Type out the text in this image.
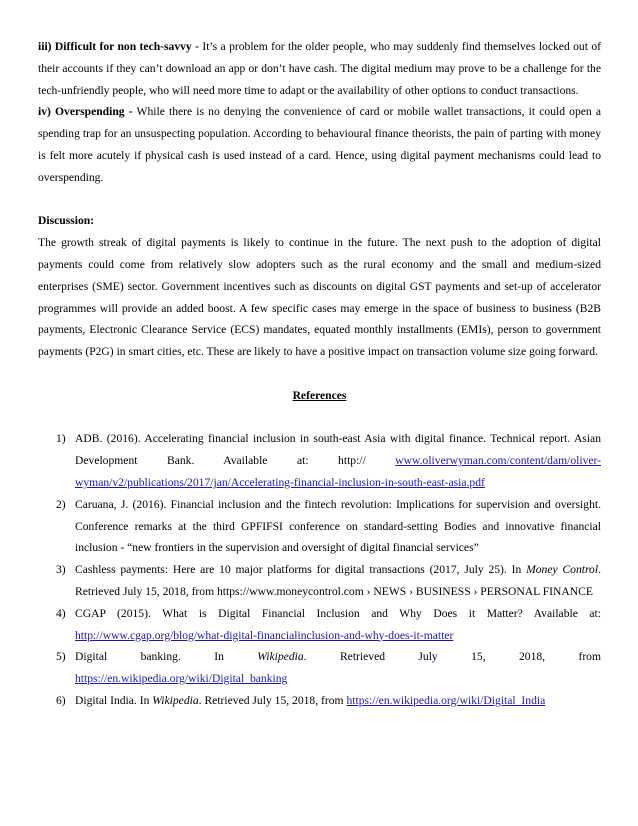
iii) Difficult for non tech-savvy - It’s a problem for the older people, who may suddenly find themselves locked out of their accounts if they can’t download an app or don’t have cash. The digital medium may prove to be a challenge for the tech-unfriendly people, who will need more time to adapt or the availability of other options to conduct transactions.

iv) Overspending - While there is no denying the convenience of card or mobile wallet transactions, it could open a spending trap for an unsuspecting population. According to behavioural finance theorists, the pain of parting with money is felt more acutely if physical cash is used instead of a card. Hence, using digital payment mechanisms could lead to overspending.

Discussion:

The growth streak of digital payments is likely to continue in the future. The next push to the adoption of digital payments could come from relatively slow adopters such as the rural economy and the small and medium-sized enterprises (SME) sector. Government incentives such as discounts on digital GST payments and set-up of accelerator programmes will provide an added boost. A few specific cases may emerge in the space of business to business (B2B payments, Electronic Clearance Service (ECS) mandates, equated monthly installments (EMIs), person to government payments (P2G) in smart cities, etc. These are likely to have a positive impact on transaction volume size going forward.

References

1) ADB. (2016). Accelerating financial inclusion in south-east Asia with digital finance. Technical report. Asian Development Bank. Available at: http:// www.oliverwyman.com/content/dam/oliver-wyman/v2/publications/2017/jan/Accelerating-financial-inclusion-in-south-east-asia.pdf
2) Caruana, J. (2016). Financial inclusion and the fintech revolution: Implications for supervision and oversight. Conference remarks at the third GPFIFSI conference on standard-setting Bodies and innovative financial inclusion - “new frontiers in the supervision and oversight of digital financial services”
3) Cashless payments: Here are 10 major platforms for digital transactions (2017, July 25). In Money Control. Retrieved July 15, 2018, from https://www.moneycontrol.com › NEWS › BUSINESS › PERSONAL FINANCE
4) CGAP (2015). What is Digital Financial Inclusion and Why Does it Matter? Available at: http://www.cgap.org/blog/what-digital-financialinclusion-and-why-does-it-matter
5) Digital banking. In Wikipedia. Retrieved July 15, 2018, from
https://en.wikipedia.org/wiki/Digital_banking
6) Digital India. In Wikipedia. Retrieved July 15, 2018, from https://en.wikipedia.org/wiki/Digital_India
